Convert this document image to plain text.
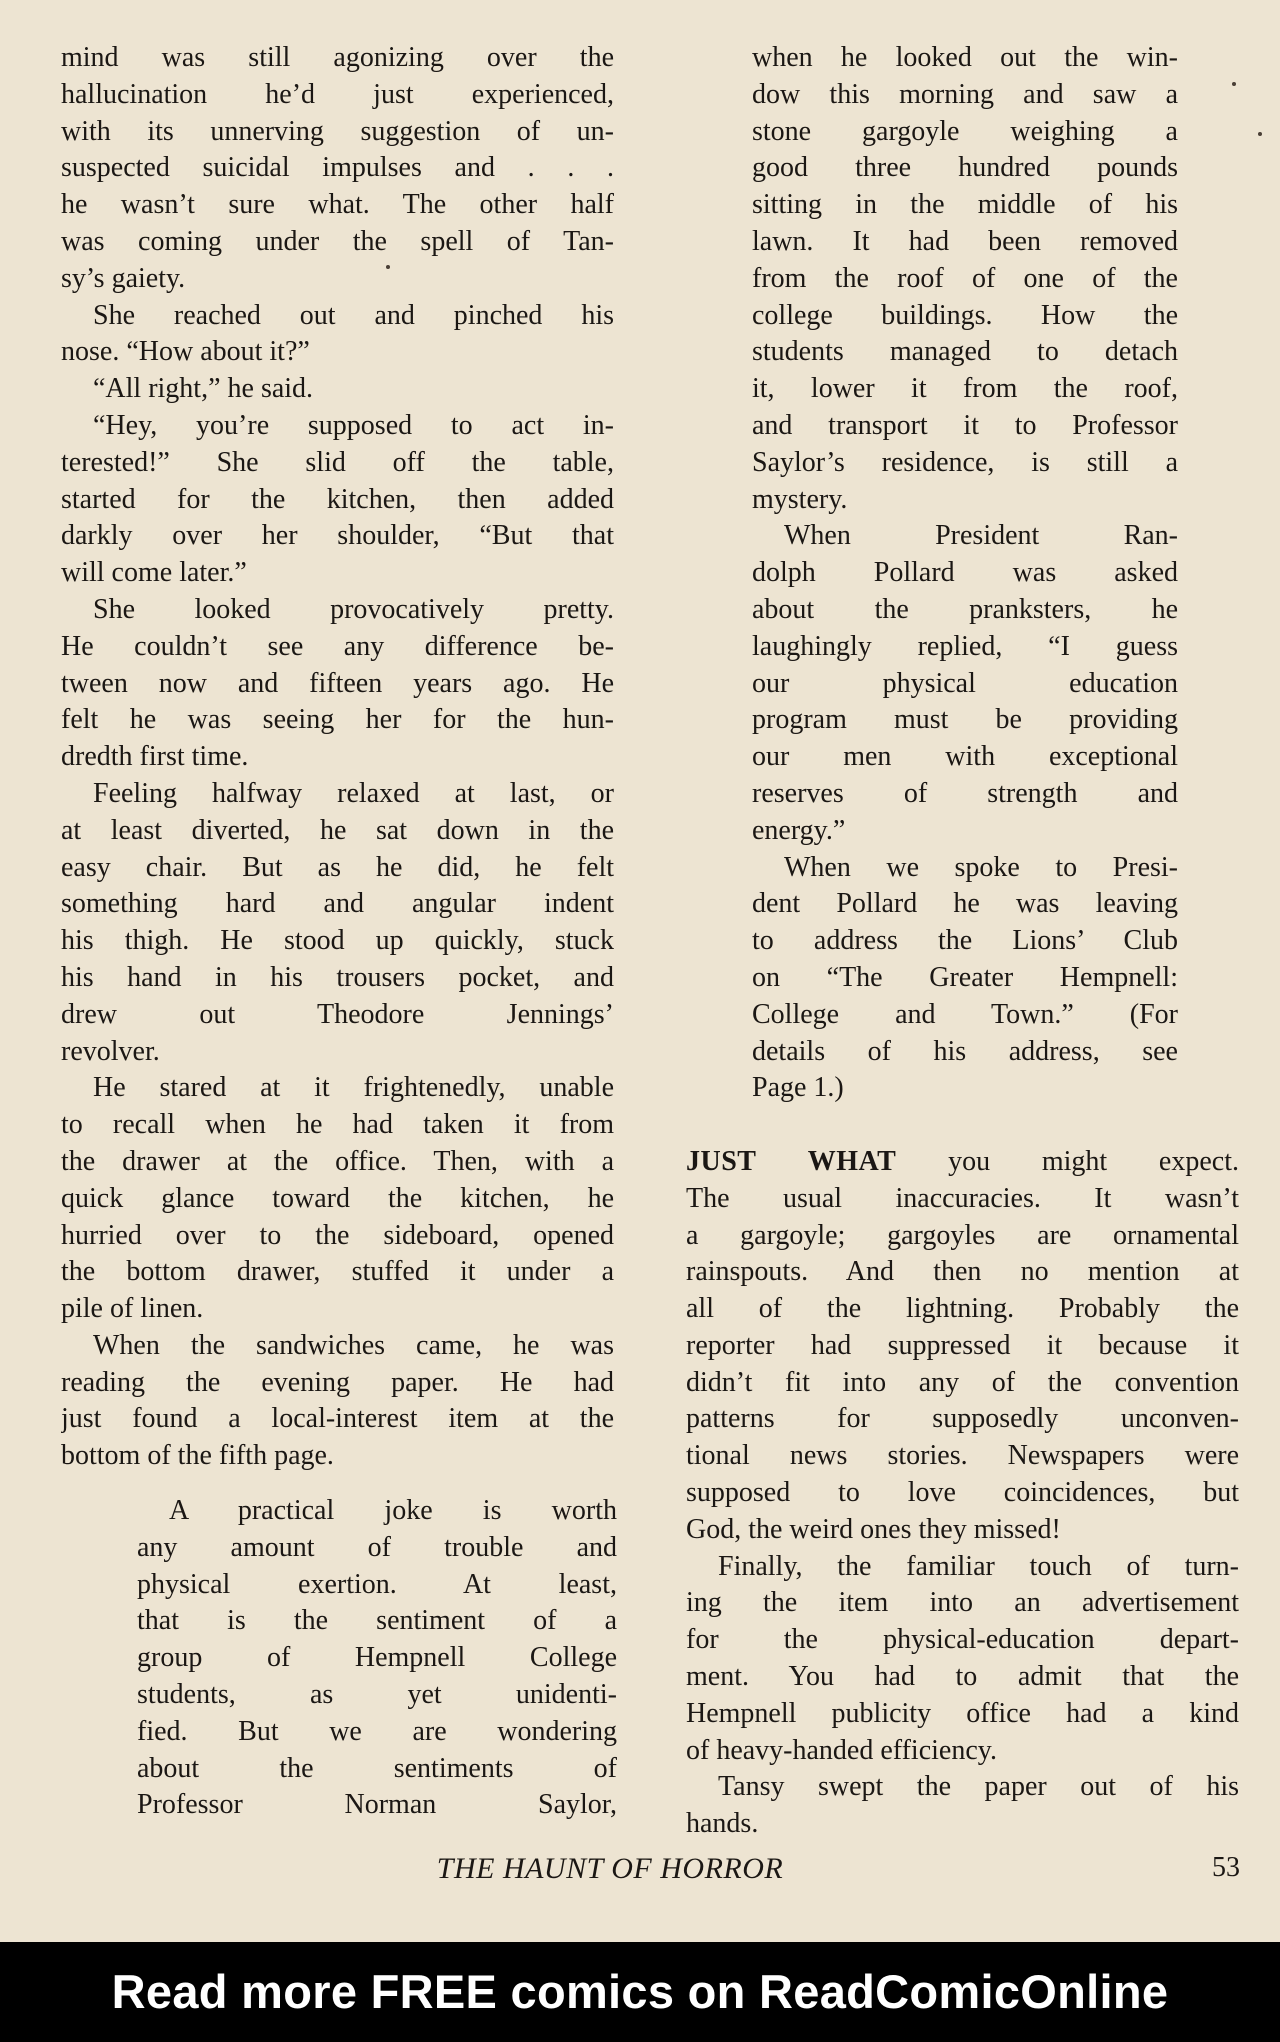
mind was still agonizing over the
hallucination he’d just experienced,
with its unnerving suggestion of un-
suspected suicidal impulses and . . .
he wasn’t sure what. The other half
was coming under the spell of Tan-
sy’s gaiety.
She reached out and pinched his
nose. “How about it?”
“All right,” he said.
“Hey, you’re supposed to act in-
terested!” She slid off the table,
started for the kitchen, then added
darkly over her shoulder, “But that
will come later.”
She looked provocatively pretty.
He couldn’t see any difference be-
tween now and fifteen years ago. He
felt he was seeing her for the hun-
dredth first time.
Feeling halfway relaxed at last, or
at least diverted, he sat down in the
easy chair. But as he did, he felt
something hard and angular indent
his thigh. He stood up quickly, stuck
his hand in his trousers pocket, and
drew out Theodore Jennings’
revolver.
He stared at it frightenedly, unable
to recall when he had taken it from
the drawer at the office. Then, with a
quick glance toward the kitchen, he
hurried over to the sideboard, opened
the bottom drawer, stuffed it under a
pile of linen.
When the sandwiches came, he was
reading the evening paper. He had
just found a local-interest item at the
bottom of the fifth page.
A practical joke is worth
any amount of trouble and
physical exertion. At least,
that is the sentiment of a
group of Hempnell College
students, as yet unidenti-
fied. But we are wondering
about the sentiments of
Professor Norman Saylor,
when he looked out the win-
dow this morning and saw a
stone gargoyle weighing a
good three hundred pounds
sitting in the middle of his
lawn. It had been removed
from the roof of one of the
college buildings. How the
students managed to detach
it, lower it from the roof,
and transport it to Professor
Saylor’s residence, is still a
mystery.
When President Ran-
dolph Pollard was asked
about the pranksters, he
laughingly replied, “I guess
our physical education
program must be providing
our men with exceptional
reserves of strength and
energy.”
When we spoke to Presi-
dent Pollard he was leaving
to address the Lions’ Club
on “The Greater Hempnell:
College and Town.” (For
details of his address, see
Page 1.)
JUST WHAT you might expect.
The usual inaccuracies. It wasn’t
a gargoyle; gargoyles are ornamental
rainspouts. And then no mention at
all of the lightning. Probably the
reporter had suppressed it because it
didn’t fit into any of the convention
patterns for supposedly unconven-
tional news stories. Newspapers were
supposed to love coincidences, but
God, the weird ones they missed!
Finally, the familiar touch of turn-
ing the item into an advertisement
for the physical-education depart-
ment. You had to admit that the
Hempnell publicity office had a kind
of heavy-handed efficiency.
Tansy swept the paper out of his
hands.
THE HAUNT OF HORROR	53
Read more FREE comics on ReadComicOnline
